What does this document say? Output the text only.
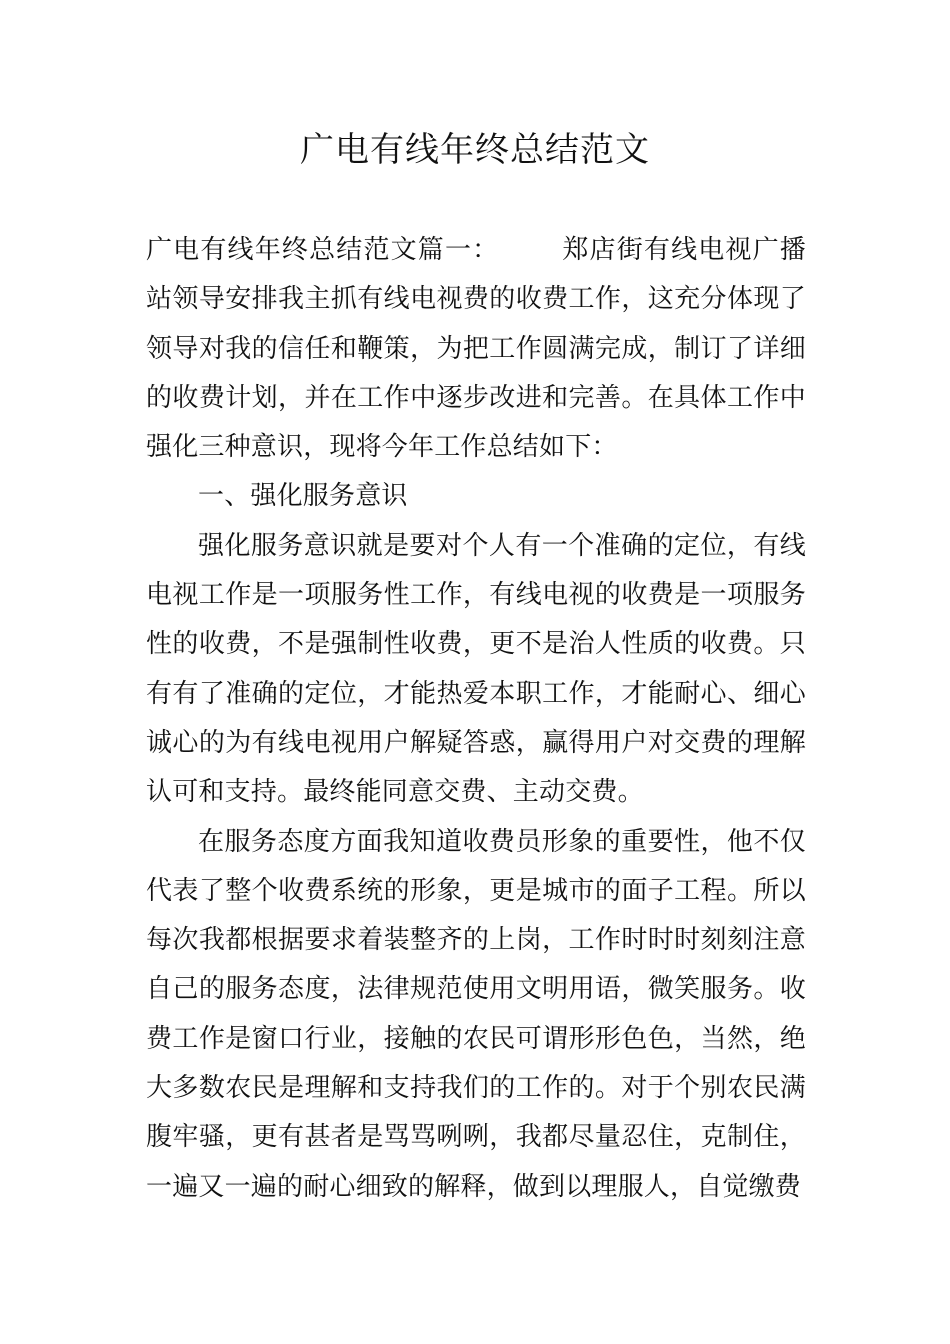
广电有线年终总结范文

广电有线年终总结范文篇一： 郑店街有线电视广播站领导安排我主抓有线电视费的收费工作，这充分体现了领导对我的信任和鞭策，为把工作圆满完成，制订了详细的收费计划，并在工作中逐步改进和完善。在具体工作中强化三种意识，现将今年工作总结如下：

一、强化服务意识

强化服务意识就是要对个人有一个准确的定位，有线电视工作是一项服务性工作，有线电视的收费是一项服务性的收费，不是强制性收费，更不是治人性质的收费。只有有了准确的定位，才能热爱本职工作，才能耐心、细心诚心的为有线电视用户解疑答惑，赢得用户对交费的理解认可和支持。最终能同意交费、主动交费。

在服务态度方面我知道收费员形象的重要性，他不仅代表了整个收费系统的形象，更是城市的面子工程。所以每次我都根据要求着装整齐的上岗，工作时时时刻刻注意自己的服务态度，法律规范使用文明用语，微笑服务。收费工作是窗口行业，接触的农民可谓形形色色，当然，绝大多数农民是理解和支持我们的工作的。对于个别农民满腹牢骚，更有甚者是骂骂咧咧，我都尽量忍住，克制住，一遍又一遍的耐心细致的解释，做到以理服人，自觉缴费
